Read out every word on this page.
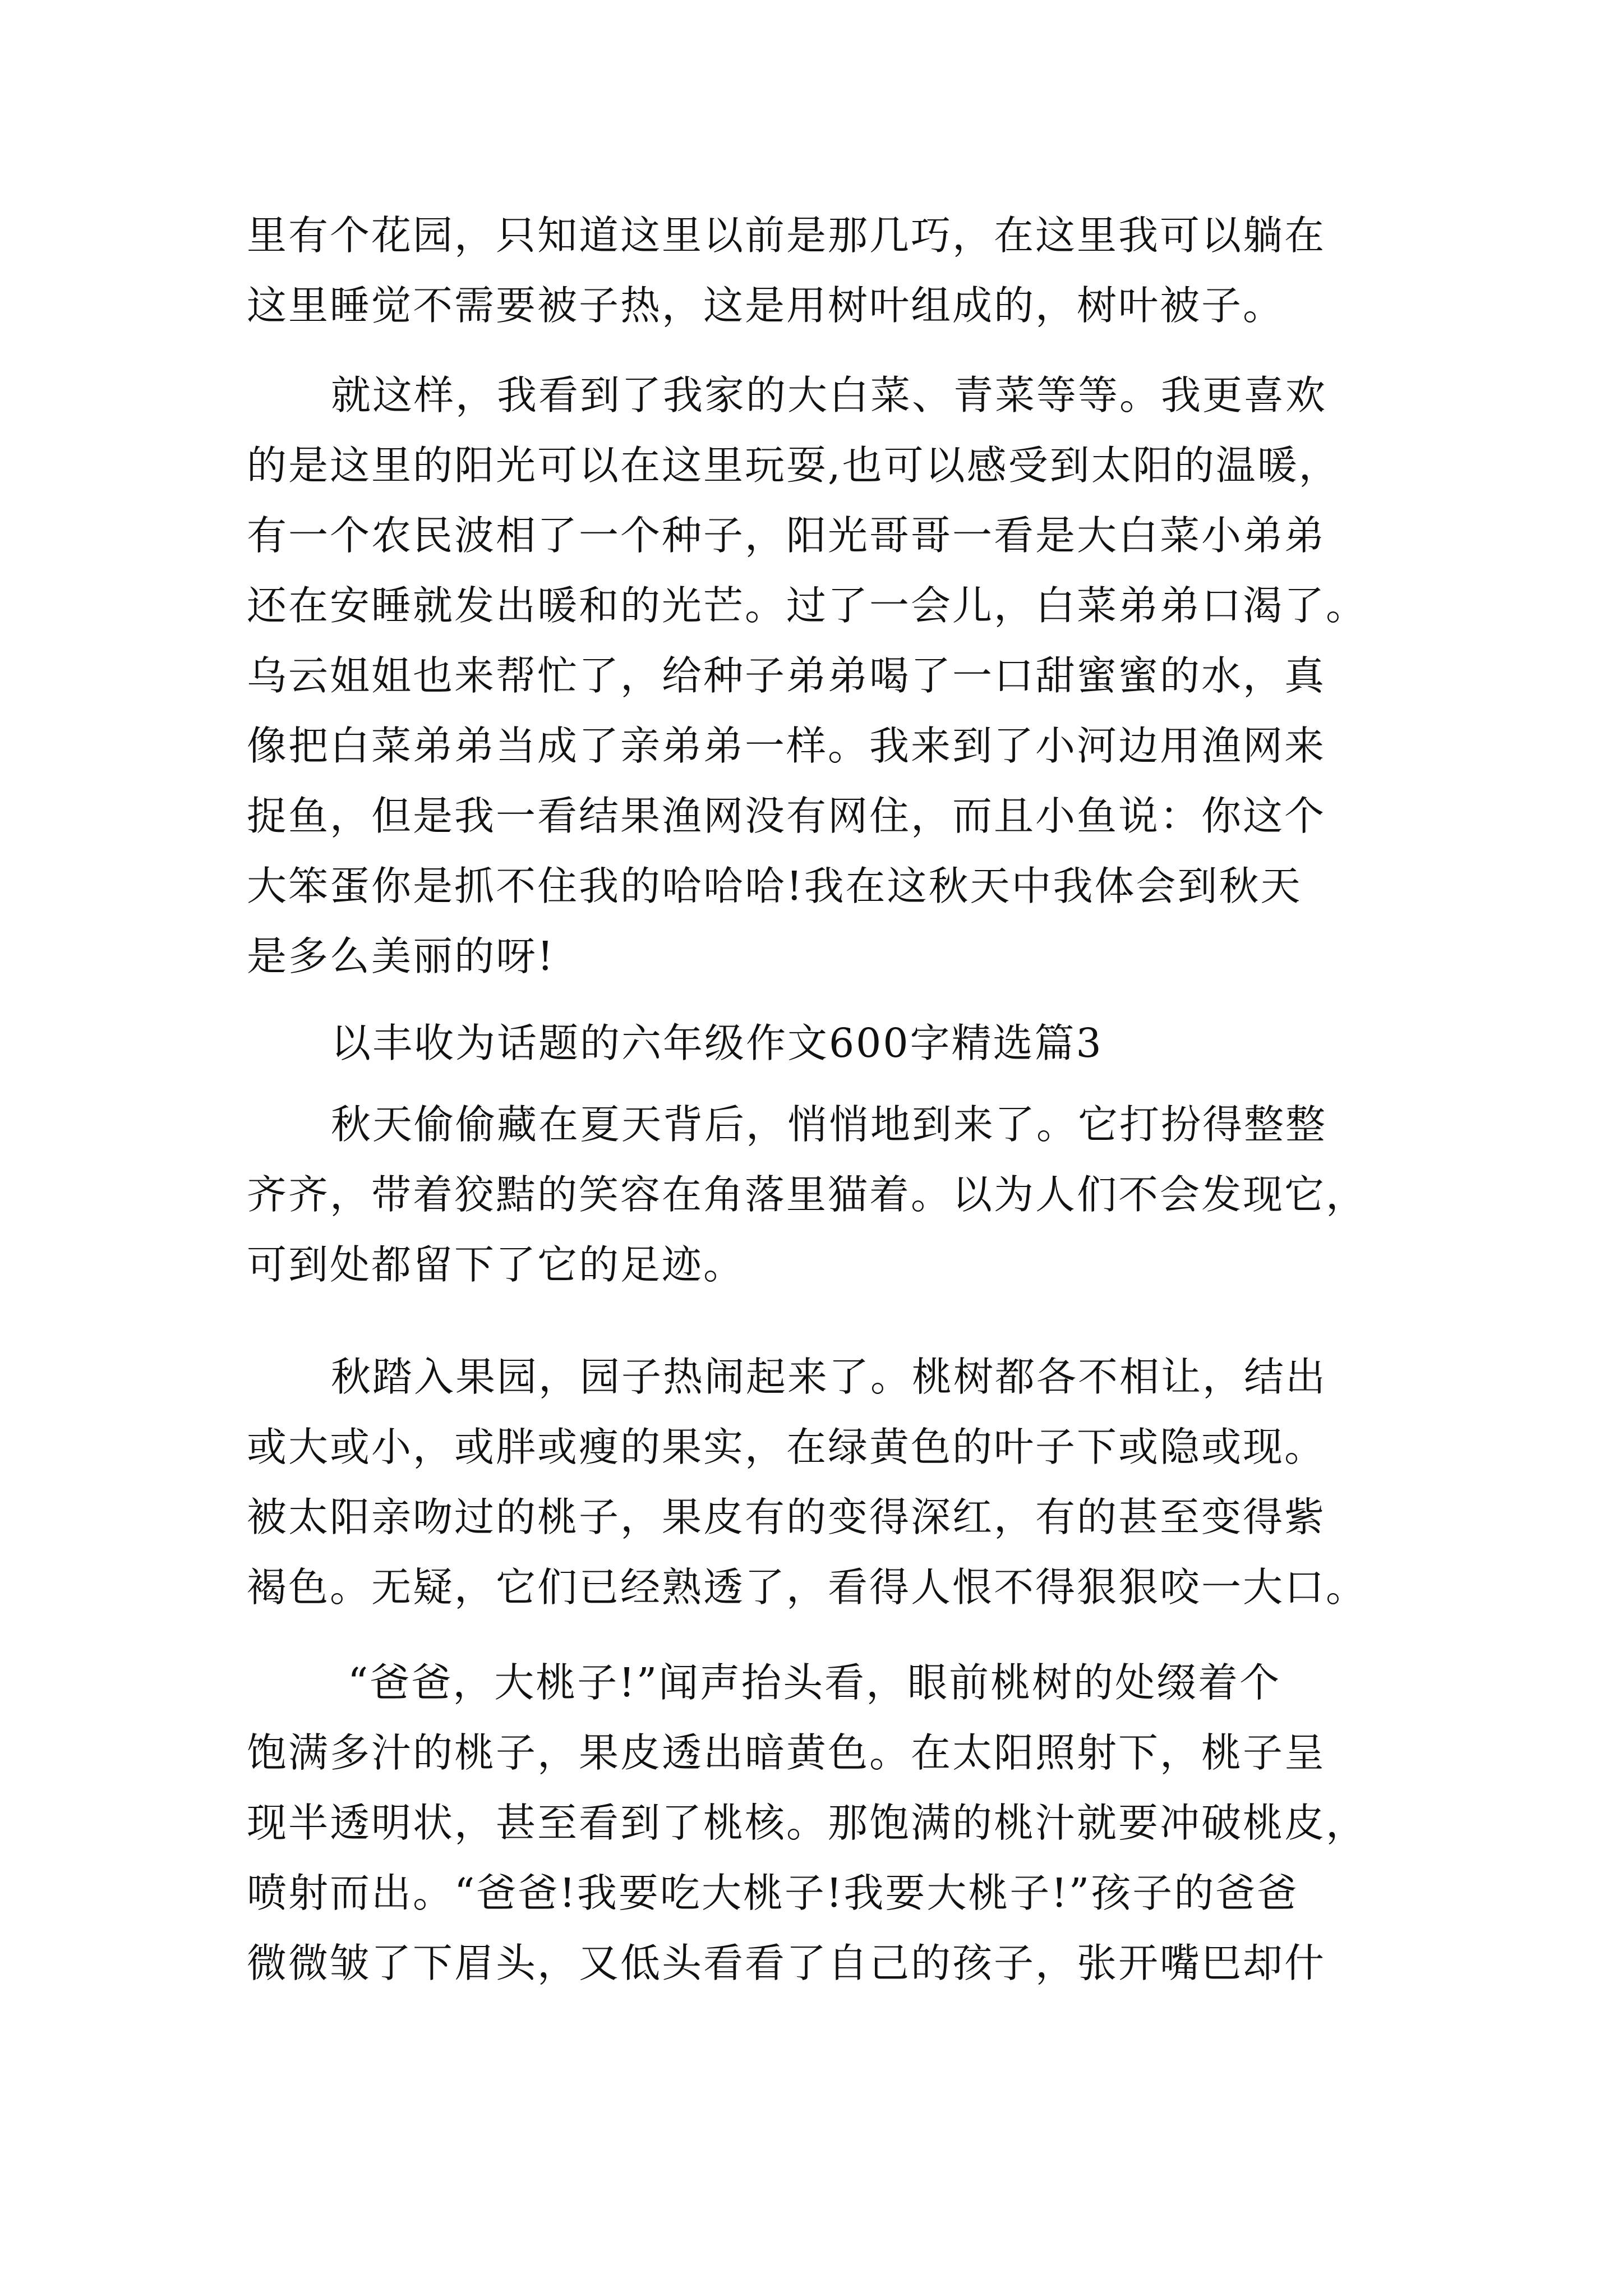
里有个花园，只知道这里以前是那几巧，在这里我可以躺在

这里睡觉不需要被子热，这是用树叶组成的，树叶被子。

就这样，我看到了我家的大白菜、青菜等等。我更喜欢

的是这里的阳光可以在这里玩耍,也可以感受到太阳的温暖，

有一个农民波相了一个种子，阳光哥哥一看是大白菜小弟弟

还在安睡就发出暖和的光芒。过了一会儿，白菜弟弟口渴了。

乌云姐姐也来帮忙了，给种子弟弟喝了一口甜蜜蜜的水，真

像把白菜弟弟当成了亲弟弟一样。我来到了小河边用渔网来

捉鱼，但是我一看结果渔网没有网住，而且小鱼说：你这个

大笨蛋你是抓不住我的哈哈哈!我在这秋天中我体会到秋天

是多么美丽的呀!

以丰收为话题的六年级作文600字精选篇3

秋天偷偷藏在夏天背后，悄悄地到来了。它打扮得整整

齐齐，带着狡黠的笑容在角落里猫着。以为人们不会发现它，

可到处都留下了它的足迹。

秋踏入果园，园子热闹起来了。桃树都各不相让，结出

或大或小，或胖或瘦的果实，在绿黄色的叶子下或隐或现。

被太阳亲吻过的桃子，果皮有的变得深红，有的甚至变得紫

褐色。无疑，它们已经熟透了，看得人恨不得狠狠咬一大口。

“爸爸，大桃子!”闻声抬头看，眼前桃树的处缀着个

饱满多汁的桃子，果皮透出暗黄色。在太阳照射下，桃子呈

现半透明状，甚至看到了桃核。那饱满的桃汁就要冲破桃皮，

喷射而出。“爸爸!我要吃大桃子!我要大桃子!”孩子的爸爸

微微皱了下眉头，又低头看看了自己的孩子，张开嘴巴却什
